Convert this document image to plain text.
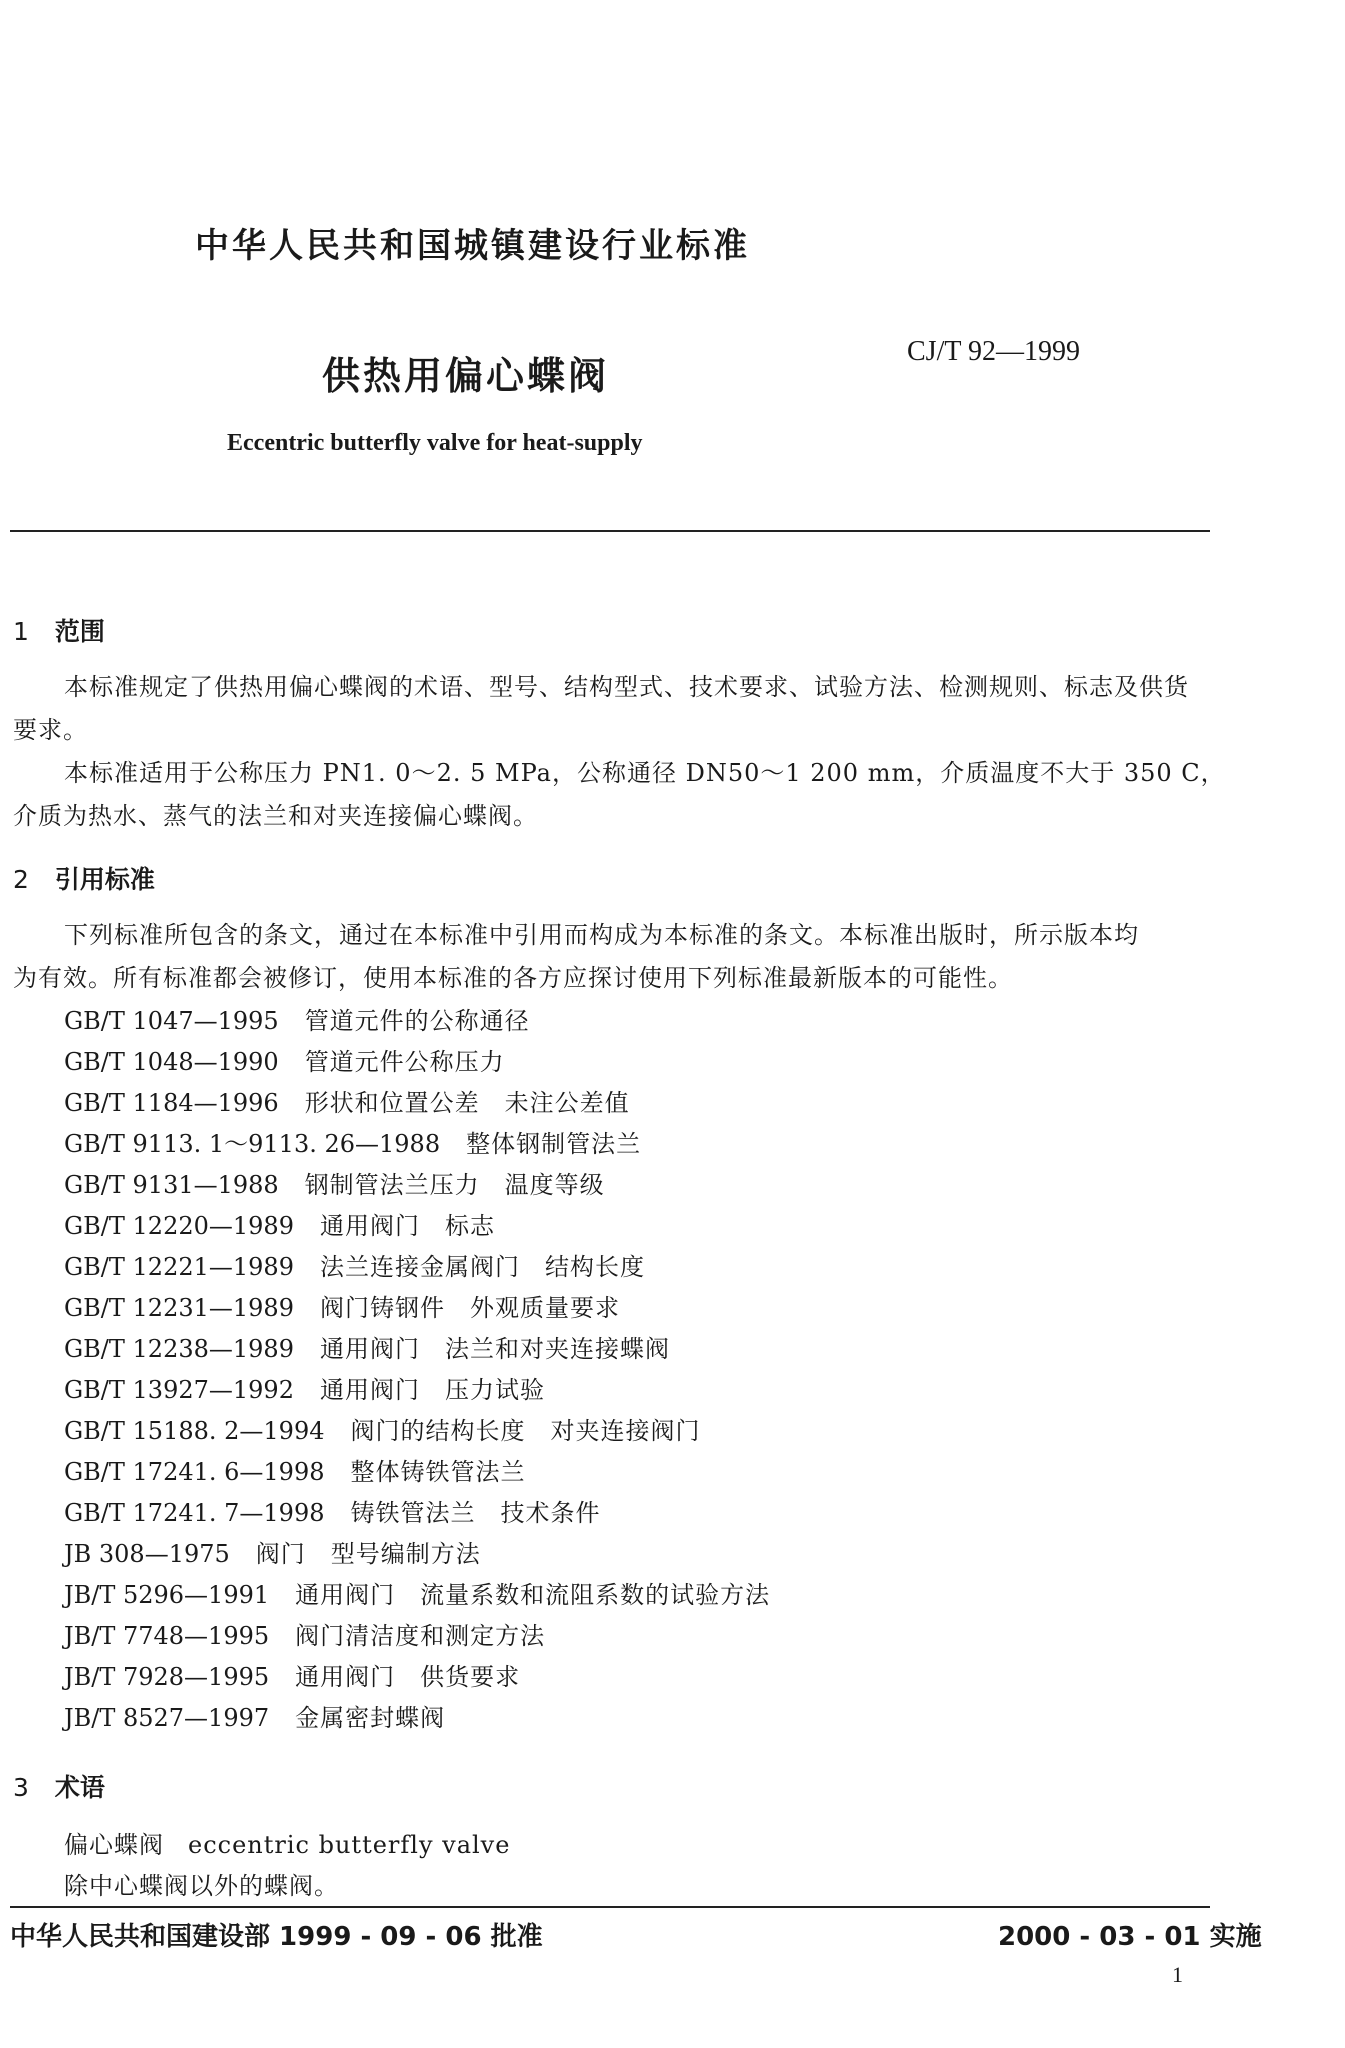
中华人民共和国城镇建设行业标准
供热用偏心蝶阀
CJ/T 92—1999
Eccentric butterfly valve for heat-supply
1 范围
本标准规定了供热用偏心蝶阀的术语、型号、结构型式、技术要求、试验方法、检测规则、标志及供货
要求。
本标准适用于公称压力 PN1. 0～2. 5 MPa，公称通径 DN50～1 200 mm，介质温度不大于 350 C，
介质为热水、蒸气的法兰和对夹连接偏心蝶阀。
2 引用标准
下列标准所包含的条文，通过在本标准中引用而构成为本标准的条文。本标准出版时，所示版本均
为有效。所有标准都会被修订，使用本标准的各方应探讨使用下列标准最新版本的可能性。
GB/T 1047—1995 管道元件的公称通径
GB/T 1048—1990 管道元件公称压力
GB/T 1184—1996 形状和位置公差　未注公差值
GB/T 9113. 1～9113. 26—1988 整体钢制管法兰
GB/T 9131—1988 钢制管法兰压力　温度等级
GB/T 12220—1989 通用阀门　标志
GB/T 12221—1989 法兰连接金属阀门　结构长度
GB/T 12231—1989 阀门铸钢件　外观质量要求
GB/T 12238—1989 通用阀门　法兰和对夹连接蝶阀
GB/T 13927—1992 通用阀门　压力试验
GB/T 15188. 2—1994 阀门的结构长度　对夹连接阀门
GB/T 17241. 6—1998 整体铸铁管法兰
GB/T 17241. 7—1998 铸铁管法兰　技术条件
JB 308—1975 阀门　型号编制方法
JB/T 5296—1991 通用阀门　流量系数和流阻系数的试验方法
JB/T 7748—1995 阀门清洁度和测定方法
JB/T 7928—1995 通用阀门　供货要求
JB/T 8527—1997 金属密封蝶阀
3 术语
偏心蝶阀 eccentric butterfly valve
除中心蝶阀以外的蝶阀。
中华人民共和国建设部 1999 - 09 - 06 批准	2000 - 03 - 01 实施
1
